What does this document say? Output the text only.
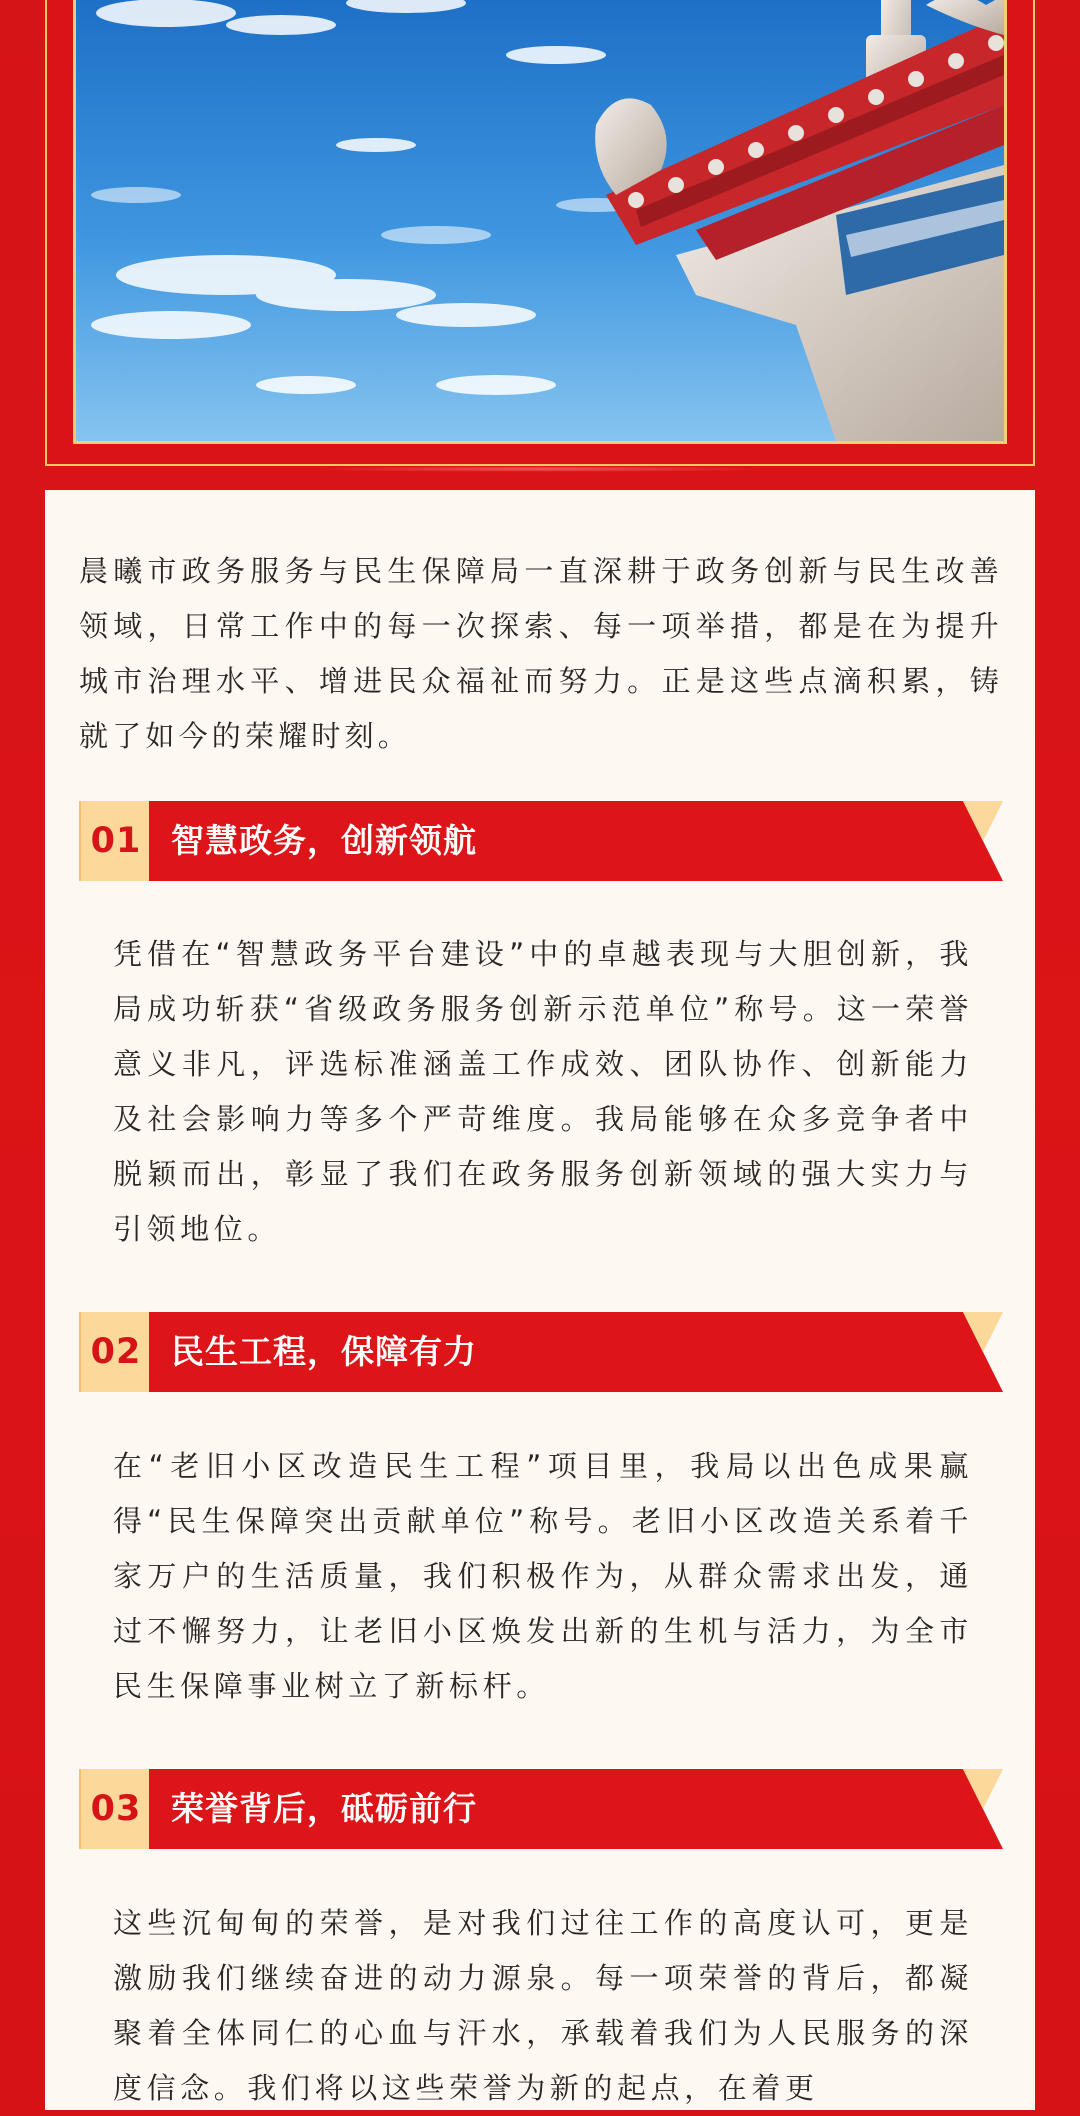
晨曦市政务服务与民生保障局一直深耕于政务创新与民生改善领域，日常工作中的每一次探索、每一项举措，都是在为提升城市治理水平、增进民众福祉而努力。正是这些点滴积累，铸就了如今的荣耀时刻。

01 智慧政务，创新领航

凭借在“智慧政务平台建设”中的卓越表现与大胆创新，我局成功斩获“省级政务服务创新示范单位”称号。这一荣誉意义非凡，评选标准涵盖工作成效、团队协作、创新能力及社会影响力等多个严苛维度。我局能够在众多竞争者中脱颖而出，彰显了我们在政务服务创新领域的强大实力与引领地位。

02 民生工程，保障有力

在“老旧小区改造民生工程”项目里，我局以出色成果赢得“民生保障突出贡献单位”称号。老旧小区改造关系着千家万户的生活质量，我们积极作为，从群众需求出发，通过不懈努力，让老旧小区焕发出新的生机与活力，为全市民生保障事业树立了新标杆。

03 荣誉背后，砥砺前行

这些沉甸甸的荣誉，是对我们过往工作的高度认可，更是激励我们继续奋进的动力源泉。每一项荣誉的背后，都凝聚着全体同仁的心血与汗水，承载着我们为人民服务的深度信念。我们将以这些荣誉为新的起点，在着更
